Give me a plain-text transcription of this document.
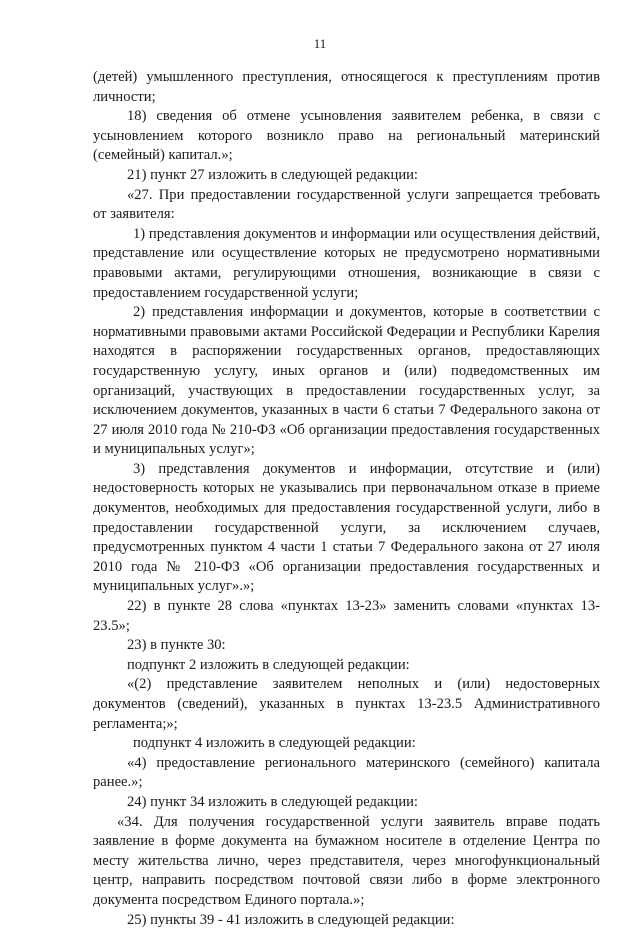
11

(детей) умышленного преступления, относящегося к преступлениям против личности;

18) сведения об отмене усыновления заявителем ребенка, в связи с усыновлением которого возникло право на региональный материнский (семейный) капитал.»;

21) пункт 27 изложить в следующей редакции:

«27. При предоставлении государственной услуги запрещается требовать от заявителя:

1) представления документов и информации или осуществления действий, представление или осуществление которых не предусмотрено нормативными правовыми актами, регулирующими отношения, возникающие в связи с предоставлением государственной услуги;

2) представления информации и документов, которые в соответствии с нормативными правовыми актами Российской Федерации и Республики Карелия находятся в распоряжении государственных органов, предоставляющих государственную услугу, иных органов и (или) подведомственных им организаций, участвующих в предоставлении государственных услуг, за исключением документов, указанных в части 6 статьи 7 Федерального закона от 27 июля 2010 года № 210-ФЗ «Об организации предоставления государственных и муниципальных услуг»;

3) представления документов и информации, отсутствие и (или) недостоверность которых не указывались при первоначальном отказе в приеме документов, необходимых для предоставления государственной услуги, либо в предоставлении государственной услуги, за исключением случаев, предусмотренных пунктом 4 части 1 статьи 7 Федерального закона от 27 июля 2010 года № 210-ФЗ «Об организации предоставления государственных и муниципальных услуг».»;

22) в пункте 28 слова «пунктах 13-23» заменить словами «пунктах 13-23.5»;

23) в пункте 30:

подпункт 2 изложить в следующей редакции:

«(2) представление заявителем неполных и (или) недостоверных документов (сведений), указанных в пунктах 13-23.5 Административного регламента;»;

подпункт 4 изложить в следующей редакции:

«4) предоставление регионального материнского (семейного) капитала ранее.»;

24) пункт 34 изложить в следующей редакции:

«34. Для получения государственной услуги заявитель вправе подать заявление в форме документа на бумажном носителе в отделение Центра по месту жительства лично, через представителя, через многофункциональный центр, направить посредством почтовой связи либо в форме электронного документа посредством Единого портала.»;

25) пункты 39 - 41 изложить в следующей редакции:
